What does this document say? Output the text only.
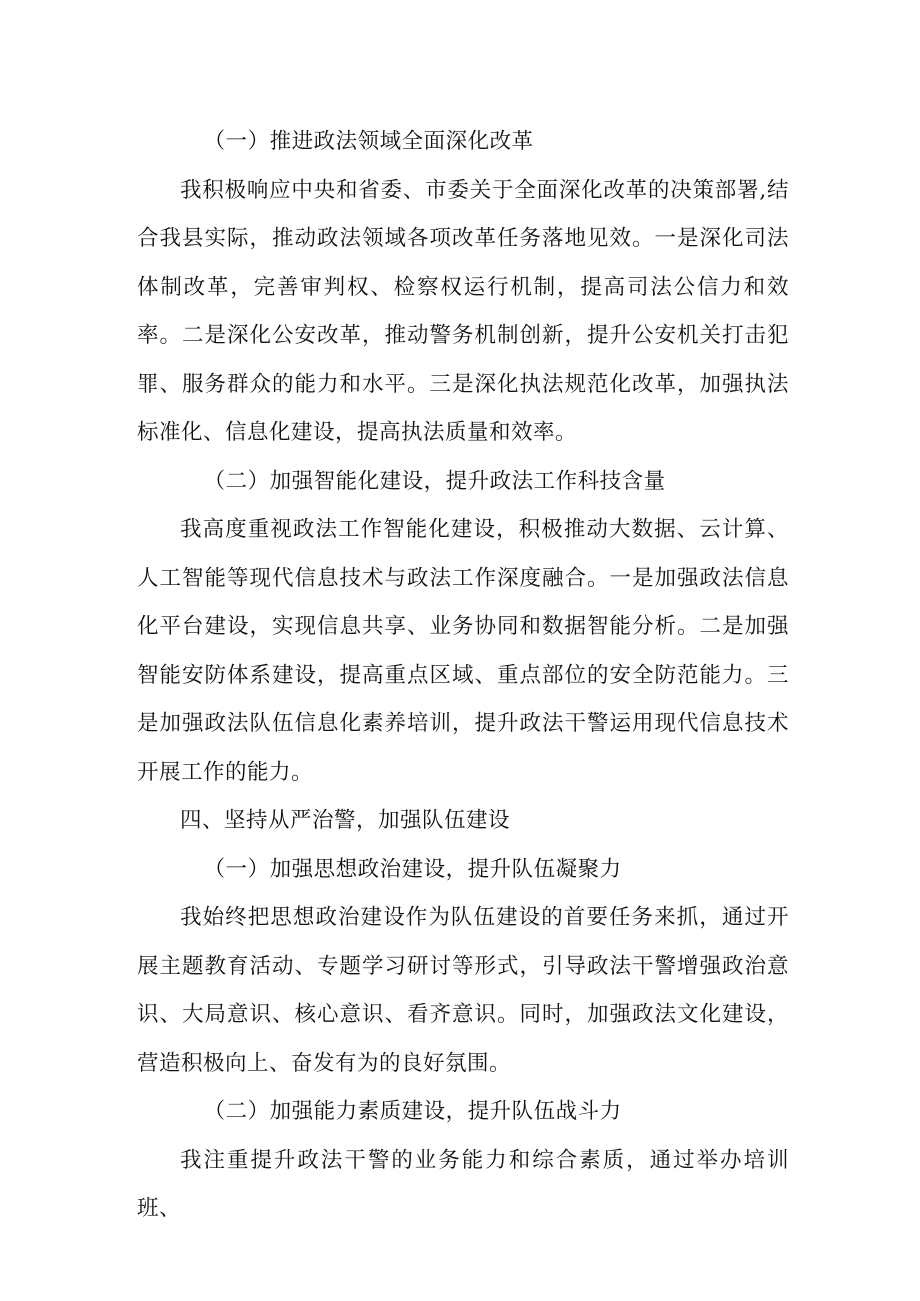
（一）推进政法领域全面深化改革

我积极响应中央和省委、市委关于全面深化改革的决策部署,结合我县实际，推动政法领域各项改革任务落地见效。一是深化司法体制改革，完善审判权、检察权运行机制，提高司法公信力和效率。二是深化公安改革，推动警务机制创新，提升公安机关打击犯罪、服务群众的能力和水平。三是深化执法规范化改革，加强执法标准化、信息化建设，提高执法质量和效率。

（二）加强智能化建设，提升政法工作科技含量

我高度重视政法工作智能化建设，积极推动大数据、云计算、人工智能等现代信息技术与政法工作深度融合。一是加强政法信息化平台建设，实现信息共享、业务协同和数据智能分析。二是加强智能安防体系建设，提高重点区域、重点部位的安全防范能力。三是加强政法队伍信息化素养培训，提升政法干警运用现代信息技术开展工作的能力。

四、坚持从严治警，加强队伍建设

（一）加强思想政治建设，提升队伍凝聚力

我始终把思想政治建设作为队伍建设的首要任务来抓，通过开展主题教育活动、专题学习研讨等形式，引导政法干警增强政治意识、大局意识、核心意识、看齐意识。同时，加强政法文化建设，营造积极向上、奋发有为的良好氛围。

（二）加强能力素质建设，提升队伍战斗力

我注重提升政法干警的业务能力和综合素质，通过举办培训班、
